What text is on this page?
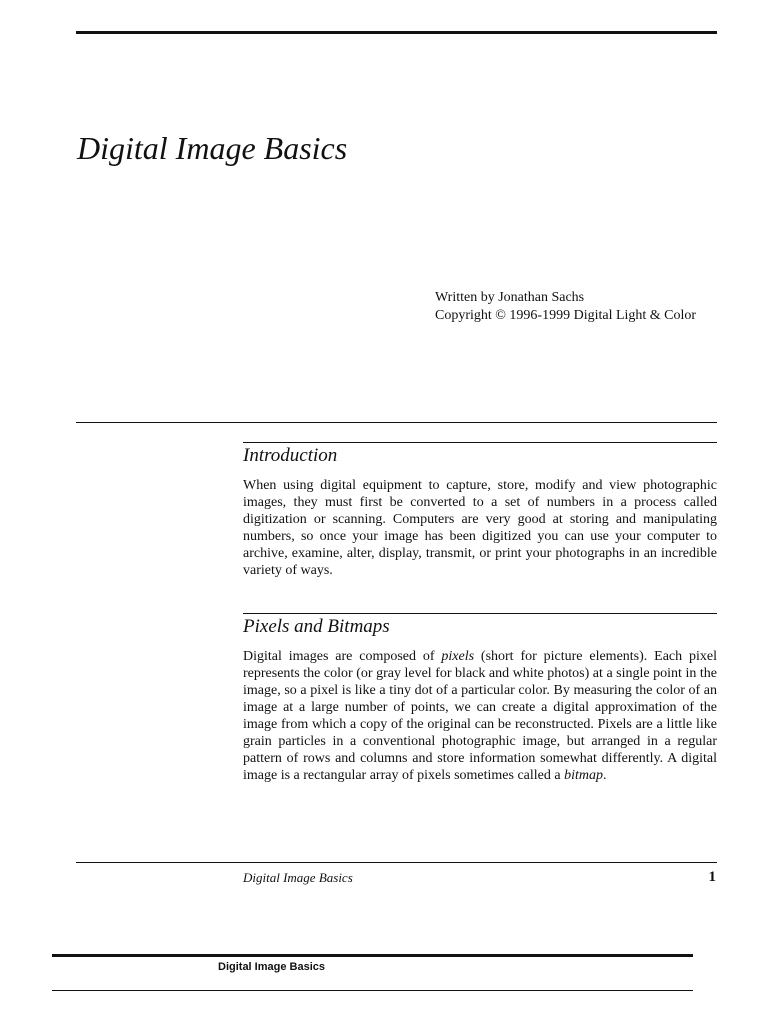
Digital Image Basics
Written by Jonathan Sachs
Copyright © 1996-1999 Digital Light & Color
Introduction

When using digital equipment to capture, store, modify and view photographic images, they must first be converted to a set of numbers in a process called digitization or scanning. Computers are very good at storing and manipulating numbers, so once your image has been digitized you can use your computer to archive, examine, alter, display, transmit, or print your photographs in an incredible variety of ways.

Pixels and Bitmaps

Digital images are composed of pixels (short for picture elements). Each pixel represents the color (or gray level for black and white photos) at a single point in the image, so a pixel is like a tiny dot of a particular color. By measuring the color of an image at a large number of points, we can create a digital approximation of the image from which a copy of the original can be reconstructed. Pixels are a little like grain particles in a conventional photographic image, but arranged in a regular pattern of rows and columns and store information somewhat differently. A digital image is a rectangular array of pixels sometimes called a bitmap.

Digital Image Basics	1
Digital Image Basics
